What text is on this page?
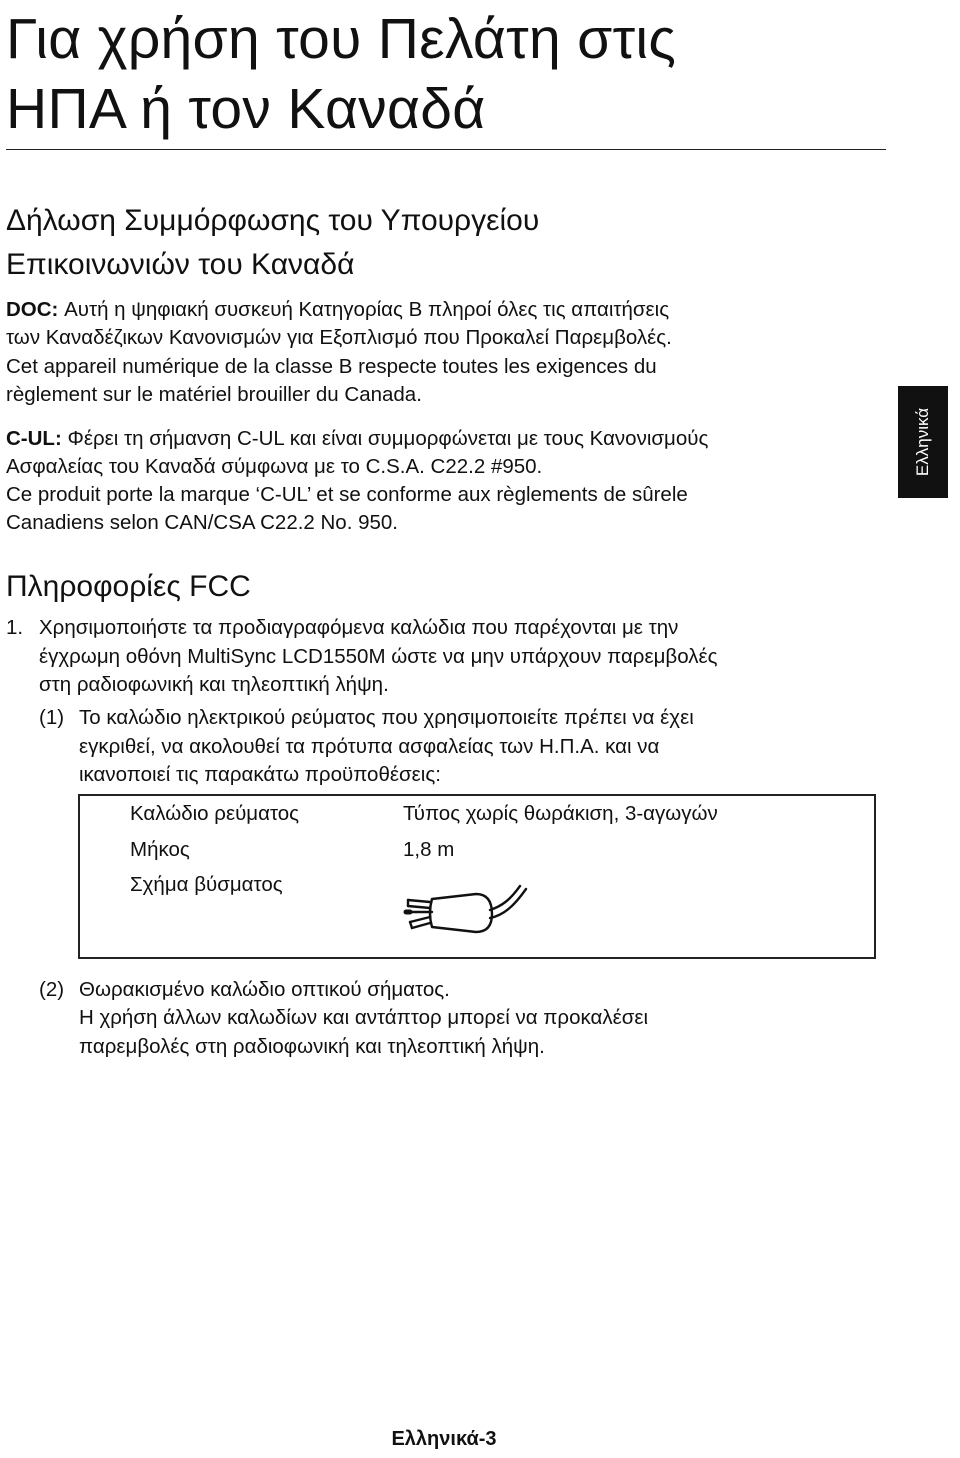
Για χρήση του Πελάτη στις
ΗΠΑ ή τον Καναδά
Ελληνικά
Δήλωση Συμμόρφωσης του Υπουργείου
Επικοινωνιών του Καναδά
DOC: Αυτή η ψηφιακή συσκευή Κατηγορίας B πληροί όλες τις απαιτήσεις
των Καναδέζικων Κανονισμών για Εξοπλισμό που Προκαλεί Παρεμβολές.
Cet appareil numérique de la classe B respecte toutes les exigences du
règlement sur le matériel brouiller du Canada.
C-UL: Φέρει τη σήμανση C-UL και είναι συμμορφώνεται με τους Κανονισμούς
Ασφαλείας του Καναδά σύμφωνα με το C.S.A. C22.2 #950.
Ce produit porte la marque ‘C-UL’ et se conforme aux règlements de sûrele
Canadiens selon CAN/CSA C22.2 No. 950.
Πληροφορίες FCC
1. Χρησιμοποιήστε τα προδιαγραφόμενα καλώδια που παρέχονται με την
έγχρωμη οθόνη MultiSync LCD1550M ώστε να μην υπάρχουν παρεμβολές
στη ραδιοφωνική και τηλεοπτική λήψη.
(1) Το καλώδιο ηλεκτρικού ρεύματος που χρησιμοποιείτε πρέπει να έχει
εγκριθεί, να ακολουθεί τα πρότυπα ασφαλείας των Η.Π.Α. και να
ικανοποιεί τις παρακάτω προϋποθέσεις:
Καλώδιο ρεύματος	Τύπος χωρίς θωράκιση, 3-αγωγών
Μήκος	1,8 m
Σχήμα βύσματος
(2) Θωρακισμένο καλώδιο οπτικού σήματος.
Η χρήση άλλων καλωδίων και αντάπτορ μπορεί να προκαλέσει
παρεμβολές στη ραδιοφωνική και τηλεοπτική λήψη.
Ελληνικά-3
